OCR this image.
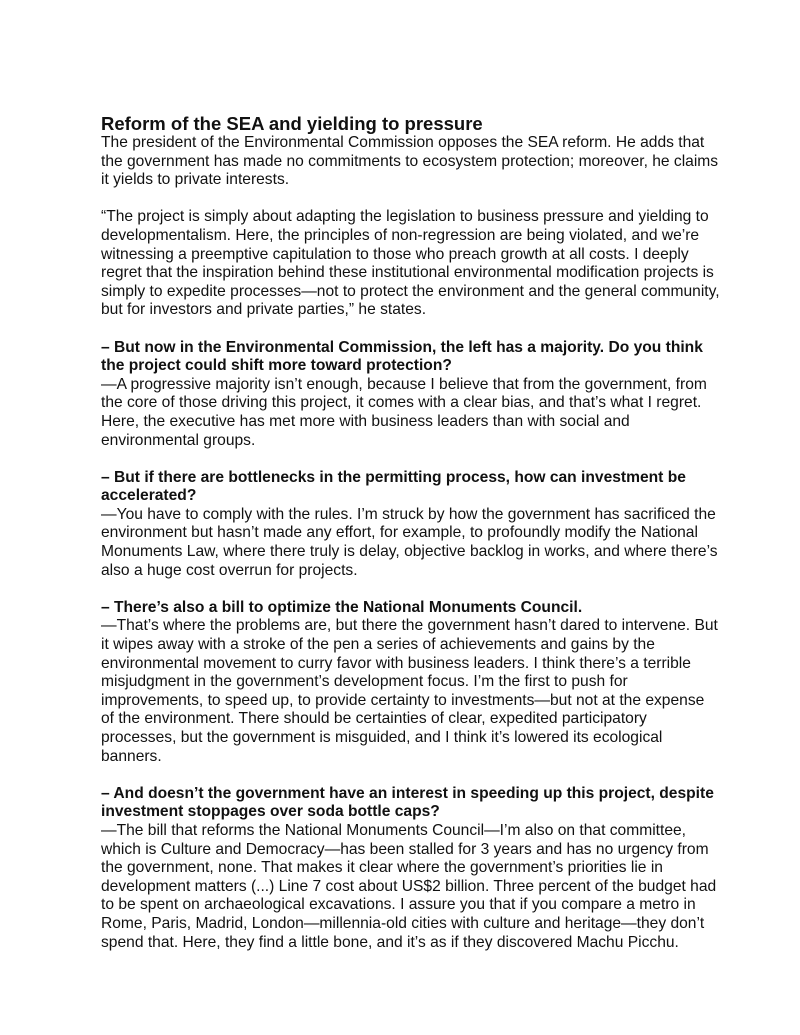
Reform of the SEA and yielding to pressure

The president of the Environmental Commission opposes the SEA reform. He adds that the government has made no commitments to ecosystem protection; moreover, he claims it yields to private interests.

“The project is simply about adapting the legislation to business pressure and yielding to developmentalism. Here, the principles of non-regression are being violated, and we’re witnessing a preemptive capitulation to those who preach growth at all costs. I deeply regret that the inspiration behind these institutional environmental modification projects is simply to expedite processes—not to protect the environment and the general community, but for investors and private parties,” he states.

– But now in the Environmental Commission, the left has a majority. Do you think the project could shift more toward protection?

—A progressive majority isn’t enough, because I believe that from the government, from the core of those driving this project, it comes with a clear bias, and that’s what I regret. Here, the executive has met more with business leaders than with social and environmental groups.

– But if there are bottlenecks in the permitting process, how can investment be accelerated?

—You have to comply with the rules. I’m struck by how the government has sacrificed the environment but hasn’t made any effort, for example, to profoundly modify the National Monuments Law, where there truly is delay, objective backlog in works, and where there’s also a huge cost overrun for projects.

– There’s also a bill to optimize the National Monuments Council.

—That’s where the problems are, but there the government hasn’t dared to intervene. But it wipes away with a stroke of the pen a series of achievements and gains by the environmental movement to curry favor with business leaders. I think there’s a terrible misjudgment in the government’s development focus. I’m the first to push for improvements, to speed up, to provide certainty to investments—but not at the expense of the environment. There should be certainties of clear, expedited participatory processes, but the government is misguided, and I think it’s lowered its ecological banners.

– And doesn’t the government have an interest in speeding up this project, despite investment stoppages over soda bottle caps?

—The bill that reforms the National Monuments Council—I’m also on that committee, which is Culture and Democracy—has been stalled for 3 years and has no urgency from the government, none. That makes it clear where the government’s priorities lie in development matters (...) Line 7 cost about US$2 billion. Three percent of the budget had to be spent on archaeological excavations. I assure you that if you compare a metro in Rome, Paris, Madrid, London—millennia-old cities with culture and heritage—they don’t spend that. Here, they find a little bone, and it’s as if they discovered Machu Picchu.
